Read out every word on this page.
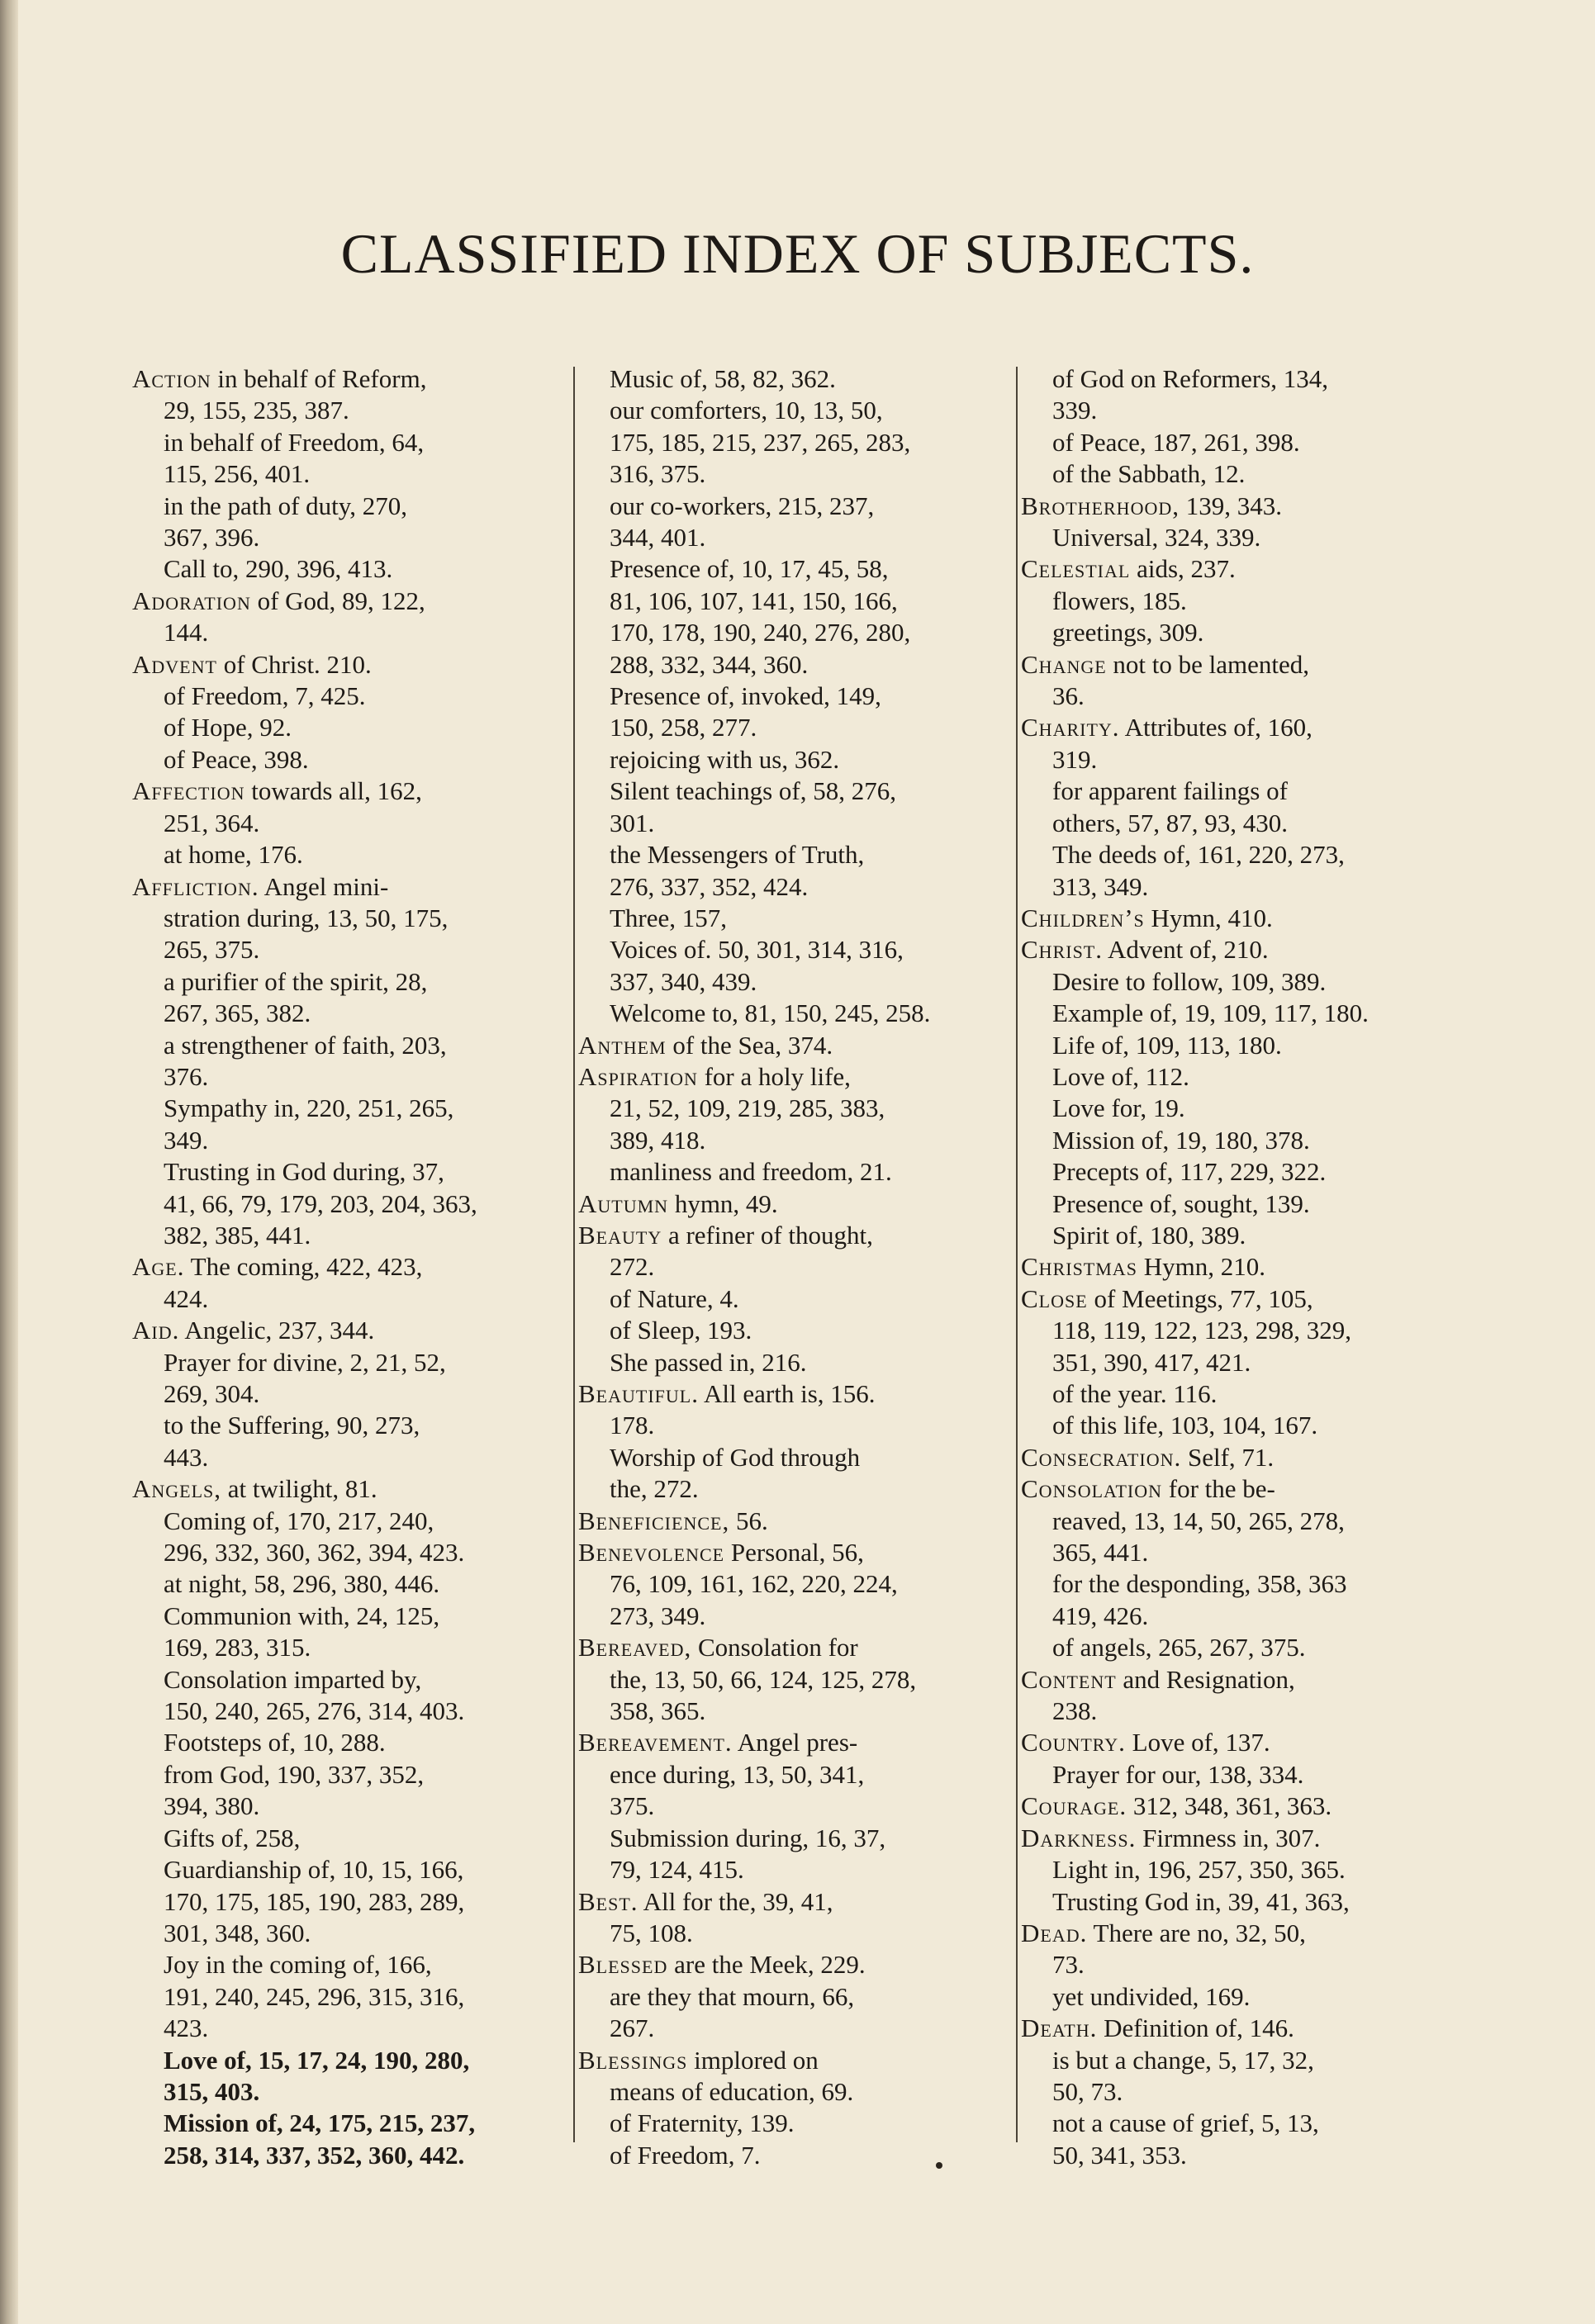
CLASSIFIED INDEX OF SUBJECTS.
Action in behalf of Reform,
29, 155, 235, 387.
in behalf of Freedom, 64,
115, 256, 401.
in the path of duty, 270,
367, 396.
Call to, 290, 396, 413.
Adoration of God, 89, 122,
144.
Advent of Christ. 210.
of Freedom, 7, 425.
of Hope, 92.
of Peace, 398.
Affection towards all, 162,
251, 364.
at home, 176.
Affliction. Angel mini-
stration during, 13, 50, 175,
265, 375.
a purifier of the spirit, 28,
267, 365, 382.
a strengthener of faith, 203,
376.
Sympathy in, 220, 251, 265,
349.
Trusting in God during, 37,
41, 66, 79, 179, 203, 204, 363,
382, 385, 441.
Age. The coming, 422, 423,
424.
Aid. Angelic, 237, 344.
Prayer for divine, 2, 21, 52,
269, 304.
to the Suffering, 90, 273,
443.
Angels, at twilight, 81.
Coming of, 170, 217, 240,
296, 332, 360, 362, 394, 423.
at night, 58, 296, 380, 446.
Communion with, 24, 125,
169, 283, 315.
Consolation imparted by,
150, 240, 265, 276, 314, 403.
Footsteps of, 10, 288.
from God, 190, 337, 352,
394, 380.
Gifts of, 258,
Guardianship of, 10, 15, 166,
170, 175, 185, 190, 283, 289,
301, 348, 360.
Joy in the coming of, 166,
191, 240, 245, 296, 315, 316,
423.
Love of, 15, 17, 24, 190, 280,
315, 403.
Mission of, 24, 175, 215, 237,
258, 314, 337, 352, 360, 442.
Music of, 58, 82, 362.
our comforters, 10, 13, 50,
175, 185, 215, 237, 265, 283,
316, 375.
our co-workers, 215, 237,
344, 401.
Presence of, 10, 17, 45, 58,
81, 106, 107, 141, 150, 166,
170, 178, 190, 240, 276, 280,
288, 332, 344, 360.
Presence of, invoked, 149,
150, 258, 277.
rejoicing with us, 362.
Silent teachings of, 58, 276,
301.
the Messengers of Truth,
276, 337, 352, 424.
Three, 157,
Voices of. 50, 301, 314, 316,
337, 340, 439.
Welcome to, 81, 150, 245, 258.
Anthem of the Sea, 374.
Aspiration for a holy life,
21, 52, 109, 219, 285, 383,
389, 418.
manliness and freedom, 21.
Autumn hymn, 49.
Beauty a refiner of thought,
272.
of Nature, 4.
of Sleep, 193.
She passed in, 216.
Beautiful. All earth is, 156.
178.
Worship of God through
the, 272.
Beneficience, 56.
Benevolence Personal, 56,
76, 109, 161, 162, 220, 224,
273, 349.
Bereaved, Consolation for
the, 13, 50, 66, 124, 125, 278,
358, 365.
Bereavement. Angel pres-
ence during, 13, 50, 341,
375.
Submission during, 16, 37,
79, 124, 415.
Best. All for the, 39, 41,
75, 108.
Blessed are the Meek, 229.
are they that mourn, 66,
267.
Blessings implored on
means of education, 69.
of Fraternity, 139.
of Freedom, 7.
of God on Reformers, 134,
339.
of Peace, 187, 261, 398.
of the Sabbath, 12.
Brotherhood, 139, 343.
Universal, 324, 339.
Celestial aids, 237.
flowers, 185.
greetings, 309.
Change not to be lamented,
36.
Charity. Attributes of, 160,
319.
for apparent failings of
others, 57, 87, 93, 430.
The deeds of, 161, 220, 273,
313, 349.
Children’s Hymn, 410.
Christ. Advent of, 210.
Desire to follow, 109, 389.
Example of, 19, 109, 117, 180.
Life of, 109, 113, 180.
Love of, 112.
Love for, 19.
Mission of, 19, 180, 378.
Precepts of, 117, 229, 322.
Presence of, sought, 139.
Spirit of, 180, 389.
Christmas Hymn, 210.
Close of Meetings, 77, 105,
118, 119, 122, 123, 298, 329,
351, 390, 417, 421.
of the year. 116.
of this life, 103, 104, 167.
Consecration. Self, 71.
Consolation for the be-
reaved, 13, 14, 50, 265, 278,
365, 441.
for the desponding, 358, 363
419, 426.
of angels, 265, 267, 375.
Content and Resignation,
238.
Country. Love of, 137.
Prayer for our, 138, 334.
Courage. 312, 348, 361, 363.
Darkness. Firmness in, 307.
Light in, 196, 257, 350, 365.
Trusting God in, 39, 41, 363,
Dead. There are no, 32, 50,
73.
yet undivided, 169.
Death. Definition of, 146.
is but a change, 5, 17, 32,
50, 73.
not a cause of grief, 5, 13,
50, 341, 353.
